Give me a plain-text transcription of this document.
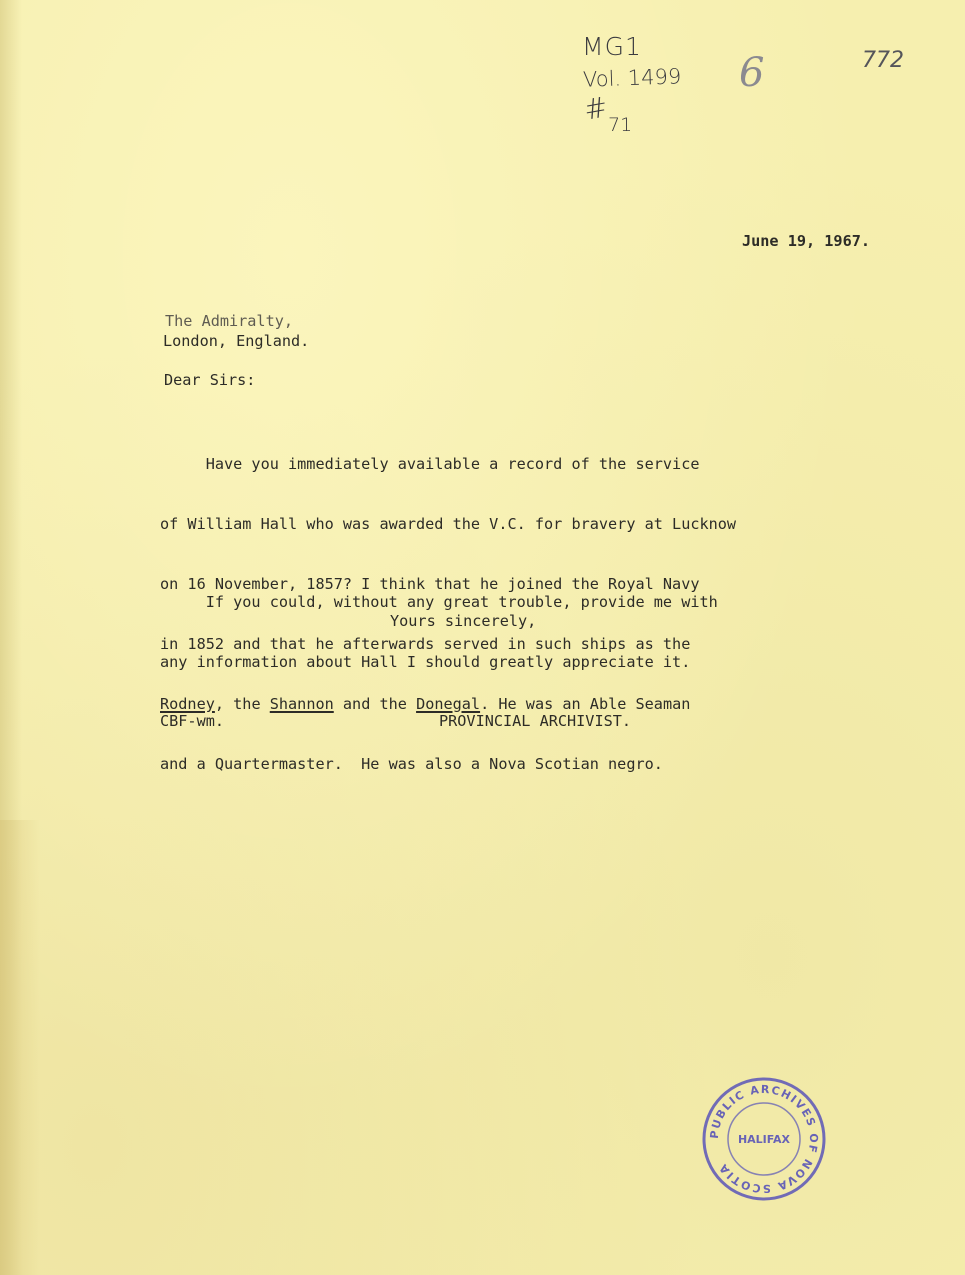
MG1
Vol. 1499
#
71
6	772
June 19, 1967.
The Admiralty,
London, England.
Dear Sirs:

Have you immediately available a record of the service

of William Hall who was awarded the V.C. for bravery at Lucknow

on 16 November, 1857? I think that he joined the Royal Navy

in 1852 and that he afterwards served in such ships as the

Rodney, the Shannon and the Donegal. He was an Able Seaman

and a Quartermaster.  He was also a Nova Scotian negro.

If you could, without any great trouble, provide me with

any information about Hall I should greatly appreciate it.

Yours sincerely,
CBF-wm.	PROVINCIAL ARCHIVIST.
PUBLIC ARCHIVES OF NOVA SCOTIA
HALIFAX
